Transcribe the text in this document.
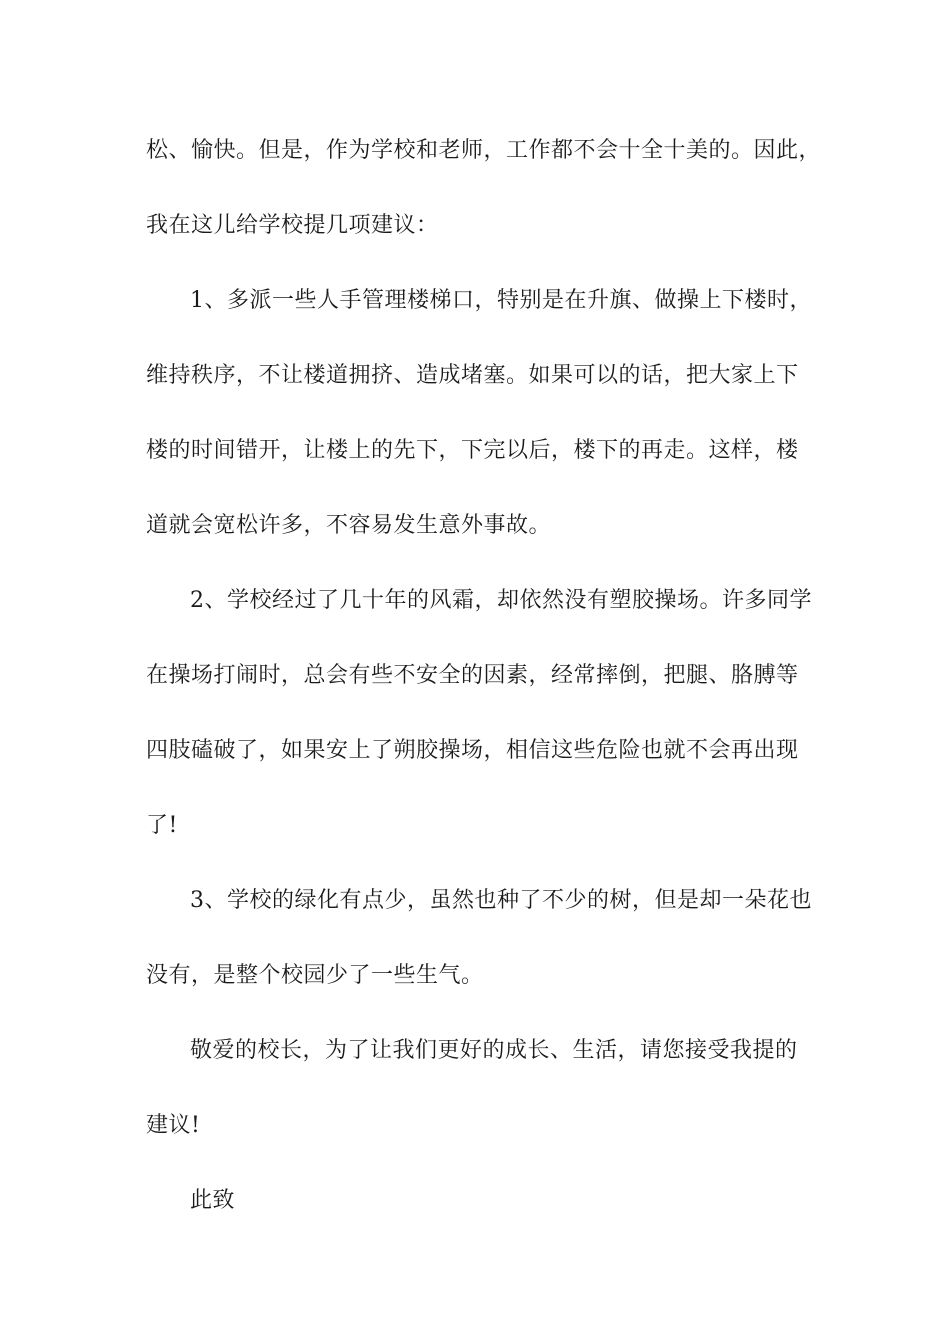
松、愉快。但是，作为学校和老师，工作都不会十全十美的。因此，
我在这儿给学校提几项建议：
1、多派一些人手管理楼梯口，特别是在升旗、做操上下楼时，
维持秩序，不让楼道拥挤、造成堵塞。如果可以的话，把大家上下
楼的时间错开，让楼上的先下，下完以后，楼下的再走。这样，楼
道就会宽松许多，不容易发生意外事故。
2、学校经过了几十年的风霜，却依然没有塑胶操场。许多同学
在操场打闹时，总会有些不安全的因素，经常摔倒，把腿、胳膊等
四肢磕破了，如果安上了朔胶操场，相信这些危险也就不会再出现
了!
3、学校的绿化有点少，虽然也种了不少的树，但是却一朵花也
没有，是整个校园少了一些生气。
敬爱的校长，为了让我们更好的成长、生活，请您接受我提的
建议!
此致
